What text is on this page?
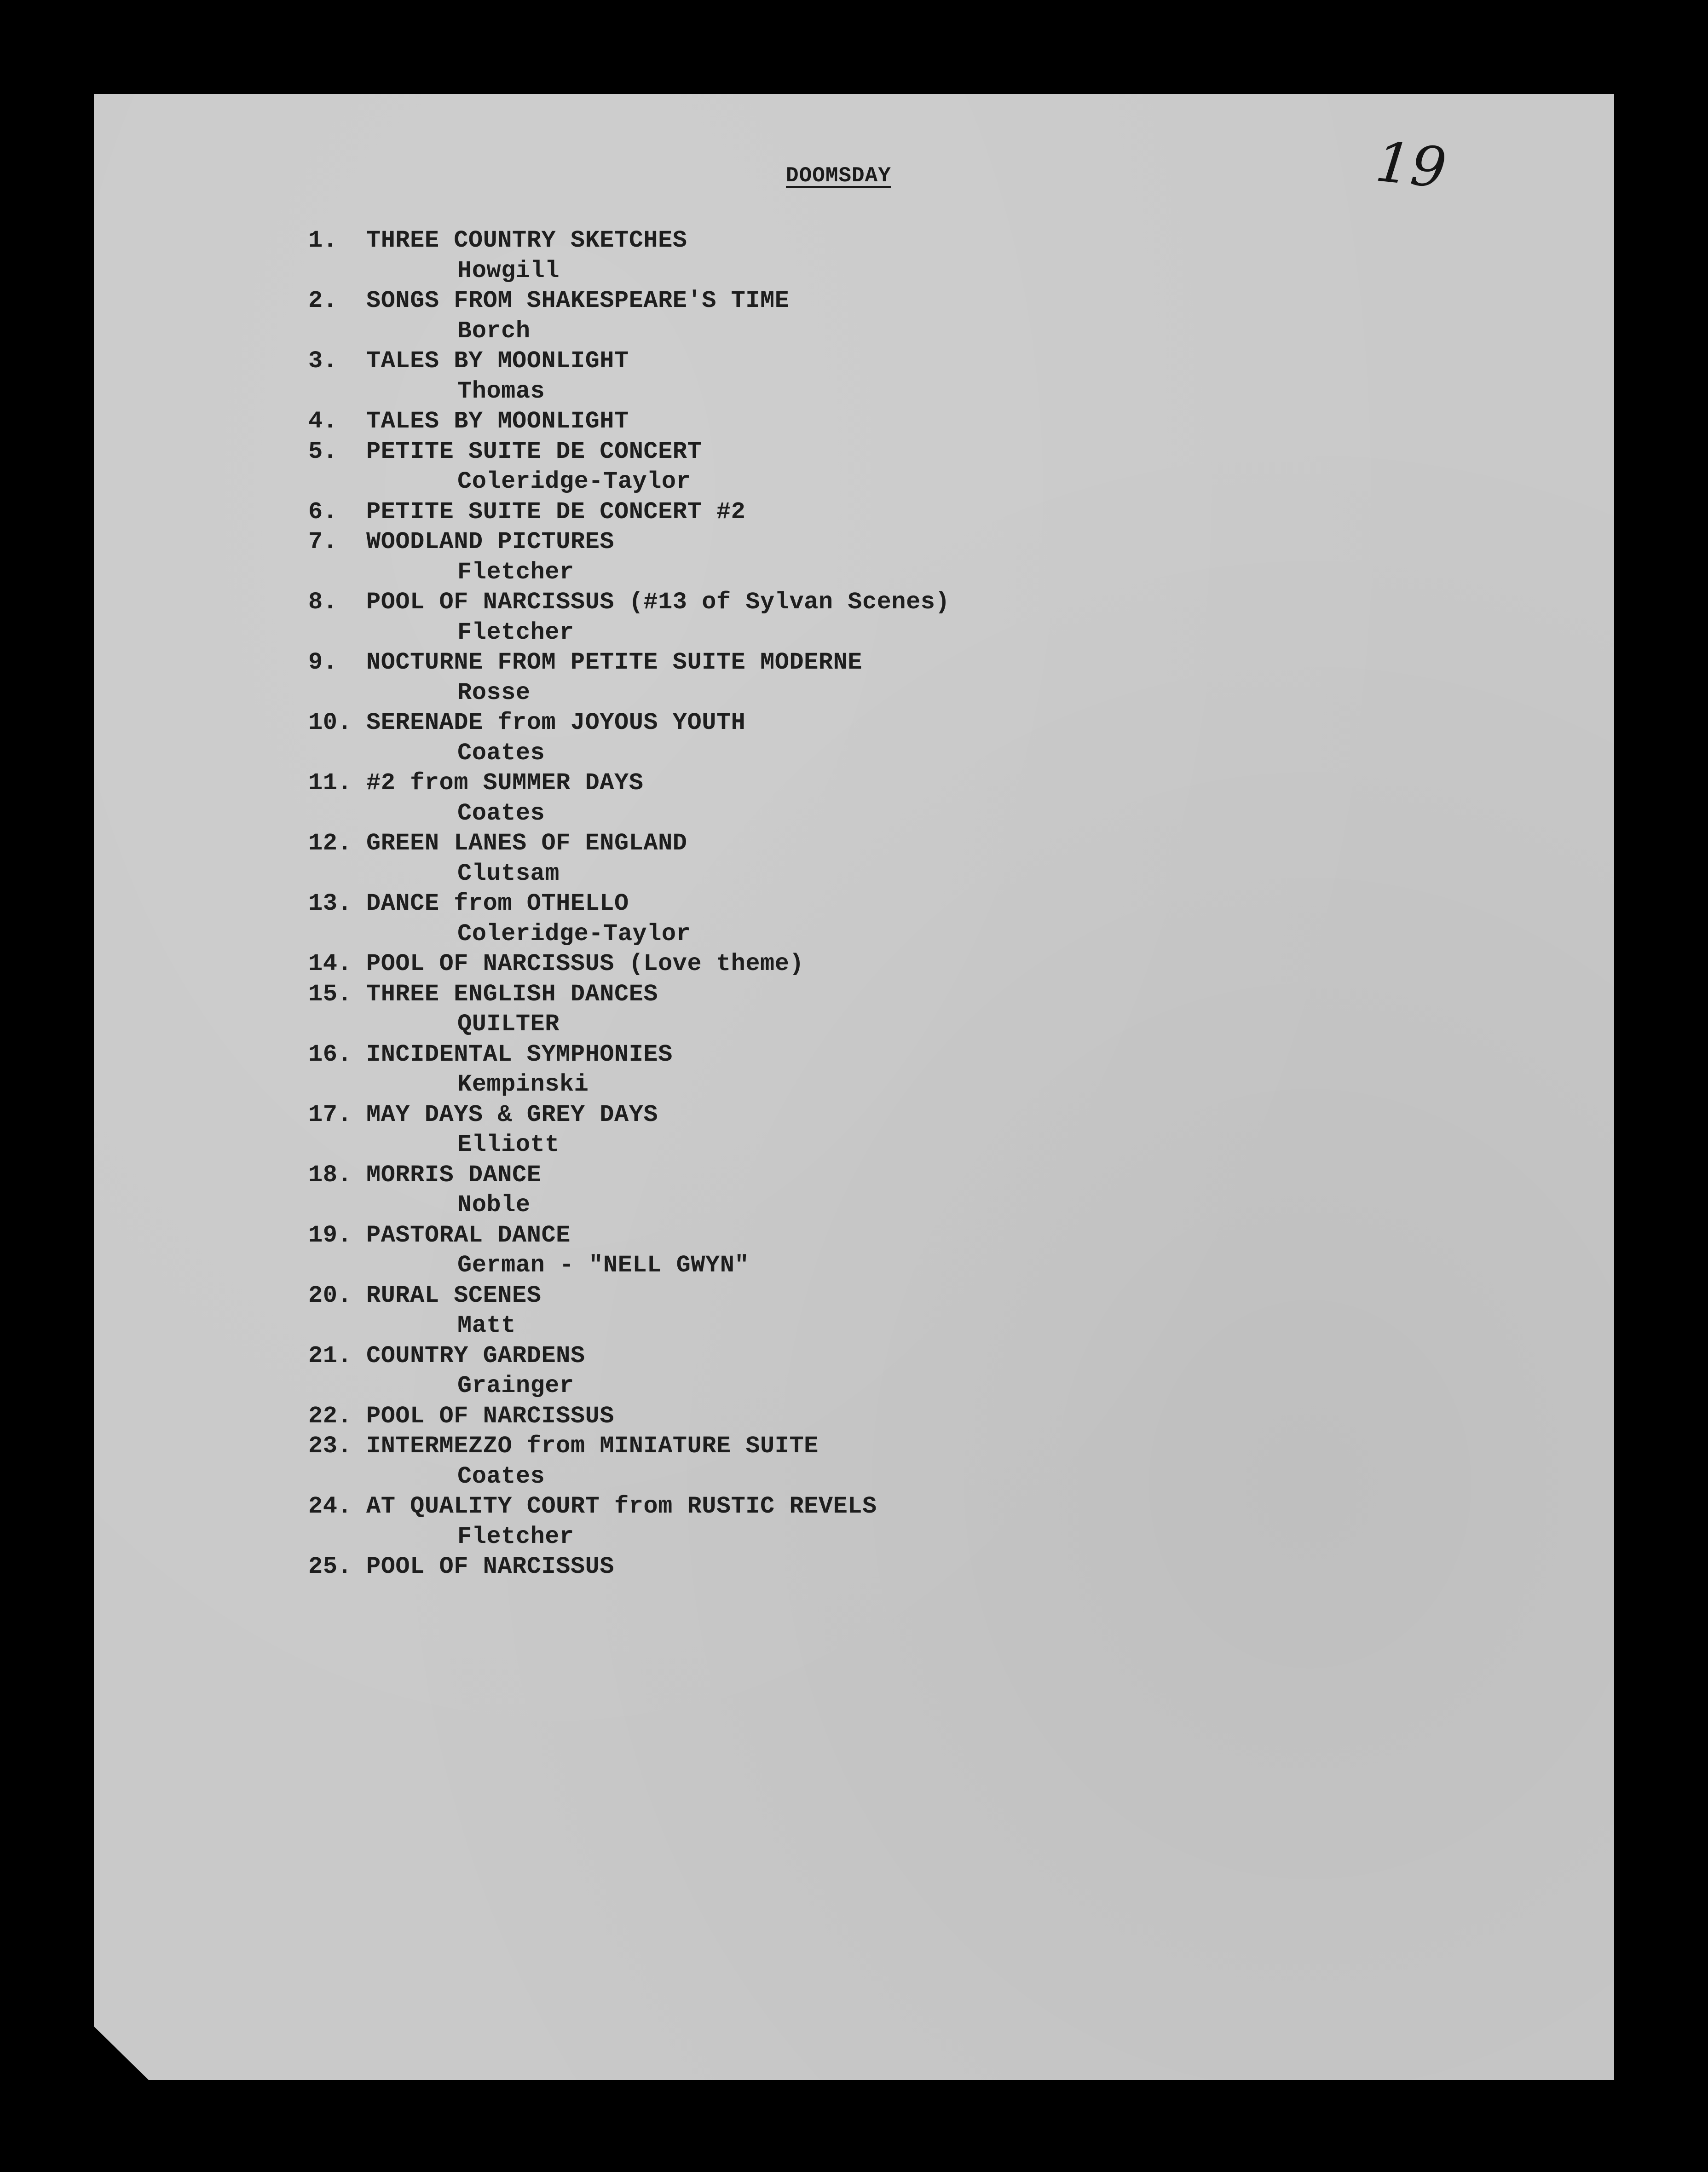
DOOMSDAY	19
1.	THREE COUNTRY SKETCHES
Howgill
2.	SONGS FROM SHAKESPEARE'S TIME
Borch
3.	TALES BY MOONLIGHT
Thomas
4.	TALES BY MOONLIGHT
5.	PETITE SUITE DE CONCERT
Coleridge-Taylor
6.	PETITE SUITE DE CONCERT #2
7.	WOODLAND PICTURES
Fletcher
8.	POOL OF NARCISSUS (#13 of Sylvan Scenes)
Fletcher
9.	NOCTURNE FROM PETITE SUITE MODERNE
Rosse
10. SERENADE from JOYOUS YOUTH
Coates
11. #2 from SUMMER DAYS
Coates
12. GREEN LANES OF ENGLAND
Clutsam
13. DANCE from OTHELLO
Coleridge-Taylor
14. POOL OF NARCISSUS (Love theme)
15. THREE ENGLISH DANCES
QUILTER
16. INCIDENTAL SYMPHONIES
Kempinski
17. MAY DAYS & GREY DAYS
Elliott
18. MORRIS DANCE
Noble
19. PASTORAL DANCE
German - "NELL GWYN"
20. RURAL SCENES
Matt
21. COUNTRY GARDENS
Grainger
22. POOL OF NARCISSUS
23. INTERMEZZO from MINIATURE SUITE
Coates
24. AT QUALITY COURT from RUSTIC REVELS
Fletcher
25. POOL OF NARCISSUS
